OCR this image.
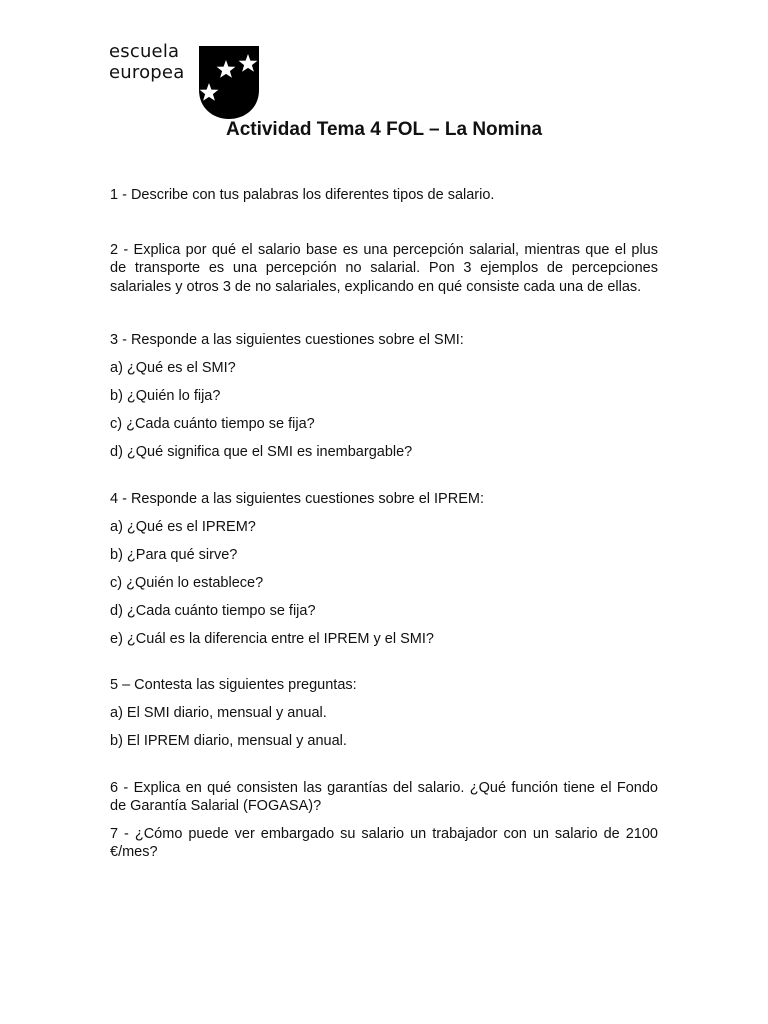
escuela
europea
Actividad Tema 4 FOL – La Nomina

1 - Describe con tus palabras los diferentes tipos de salario.

2 - Explica por qué el salario base es una percepción salarial, mientras que el plus de transporte es una percepción no salarial. Pon 3 ejemplos de percepciones salariales y otros 3 de no salariales, explicando en qué consiste cada una de ellas.

3 - Responde a las siguientes cuestiones sobre el SMI:

a) ¿Qué es el SMI?

b) ¿Quién lo fija?

c) ¿Cada cuánto tiempo se fija?

d) ¿Qué significa que el SMI es inembargable?

4 - Responde a las siguientes cuestiones sobre el IPREM:

a) ¿Qué es el IPREM?

b) ¿Para qué sirve?

c) ¿Quién lo establece?

d) ¿Cada cuánto tiempo se fija?

e) ¿Cuál es la diferencia entre el IPREM y el SMI?

5 – Contesta las siguientes preguntas:

a) El SMI diario, mensual y anual.

b) El IPREM diario, mensual y anual.

6 - Explica en qué consisten las garantías del salario. ¿Qué función tiene el Fondo de Garantía Salarial (FOGASA)?

7 - ¿Cómo puede ver embargado su salario un trabajador con un salario de 2100 €/mes?
